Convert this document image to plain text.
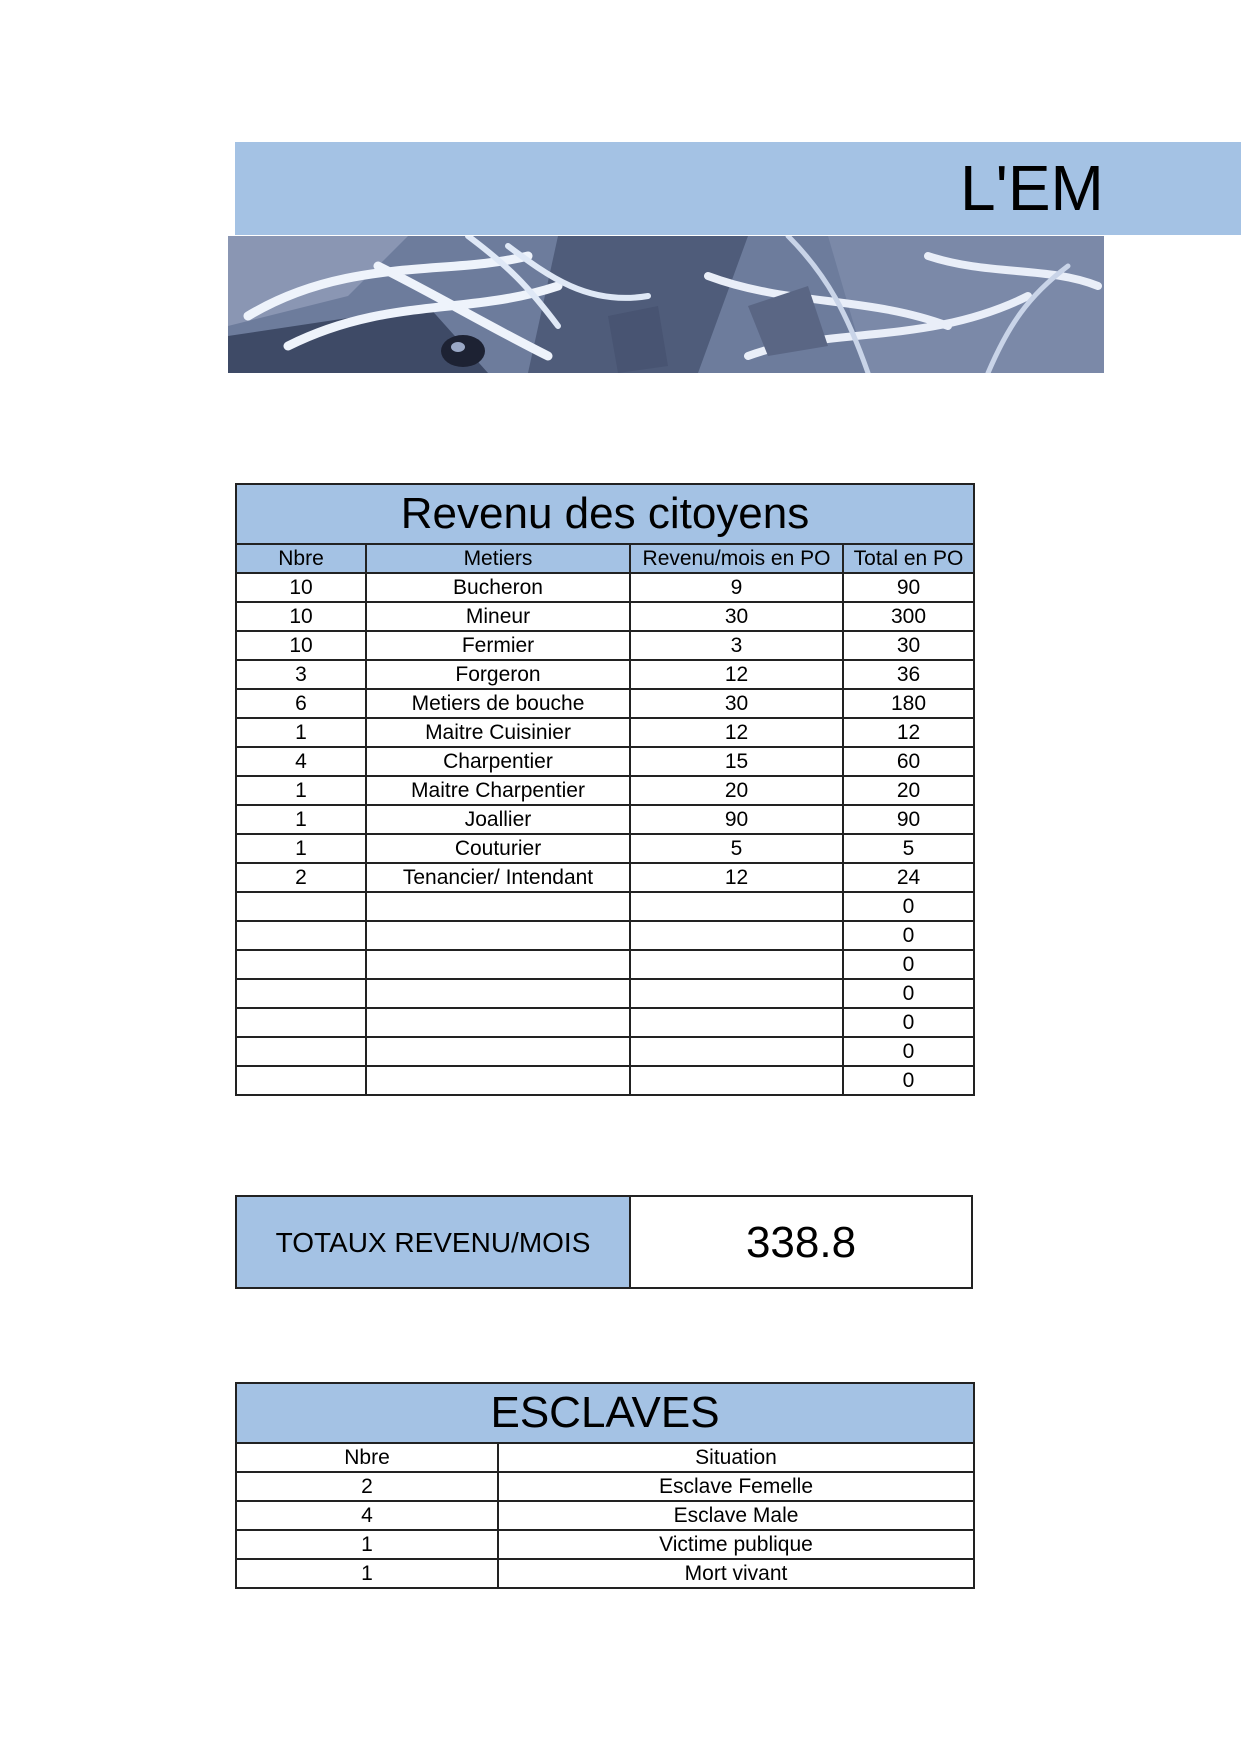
L'EM
Revenu des citoyens			
Nbre	Metiers	Revenu/mois en PO	Total en PO
10	Bucheron	9	90
10	Mineur	30	300
10	Fermier	3	30
3	Forgeron	12	36
6	Metiers de bouche	30	180
1	Maitre Cuisinier	12	12
4	Charpentier	15	60
1	Maitre Charpentier	20	20
1	Joallier	90	90
1	Couturier	5	5
2	Tenancier/ Intendant	12	24
			0
			0
			0
			0
			0
			0
			0
TOTAUX REVENU/MOIS	338.8
ESCLAVES	
Nbre	Situation
2	Esclave Femelle
4	Esclave Male
1	Victime publique
1	Mort vivant
